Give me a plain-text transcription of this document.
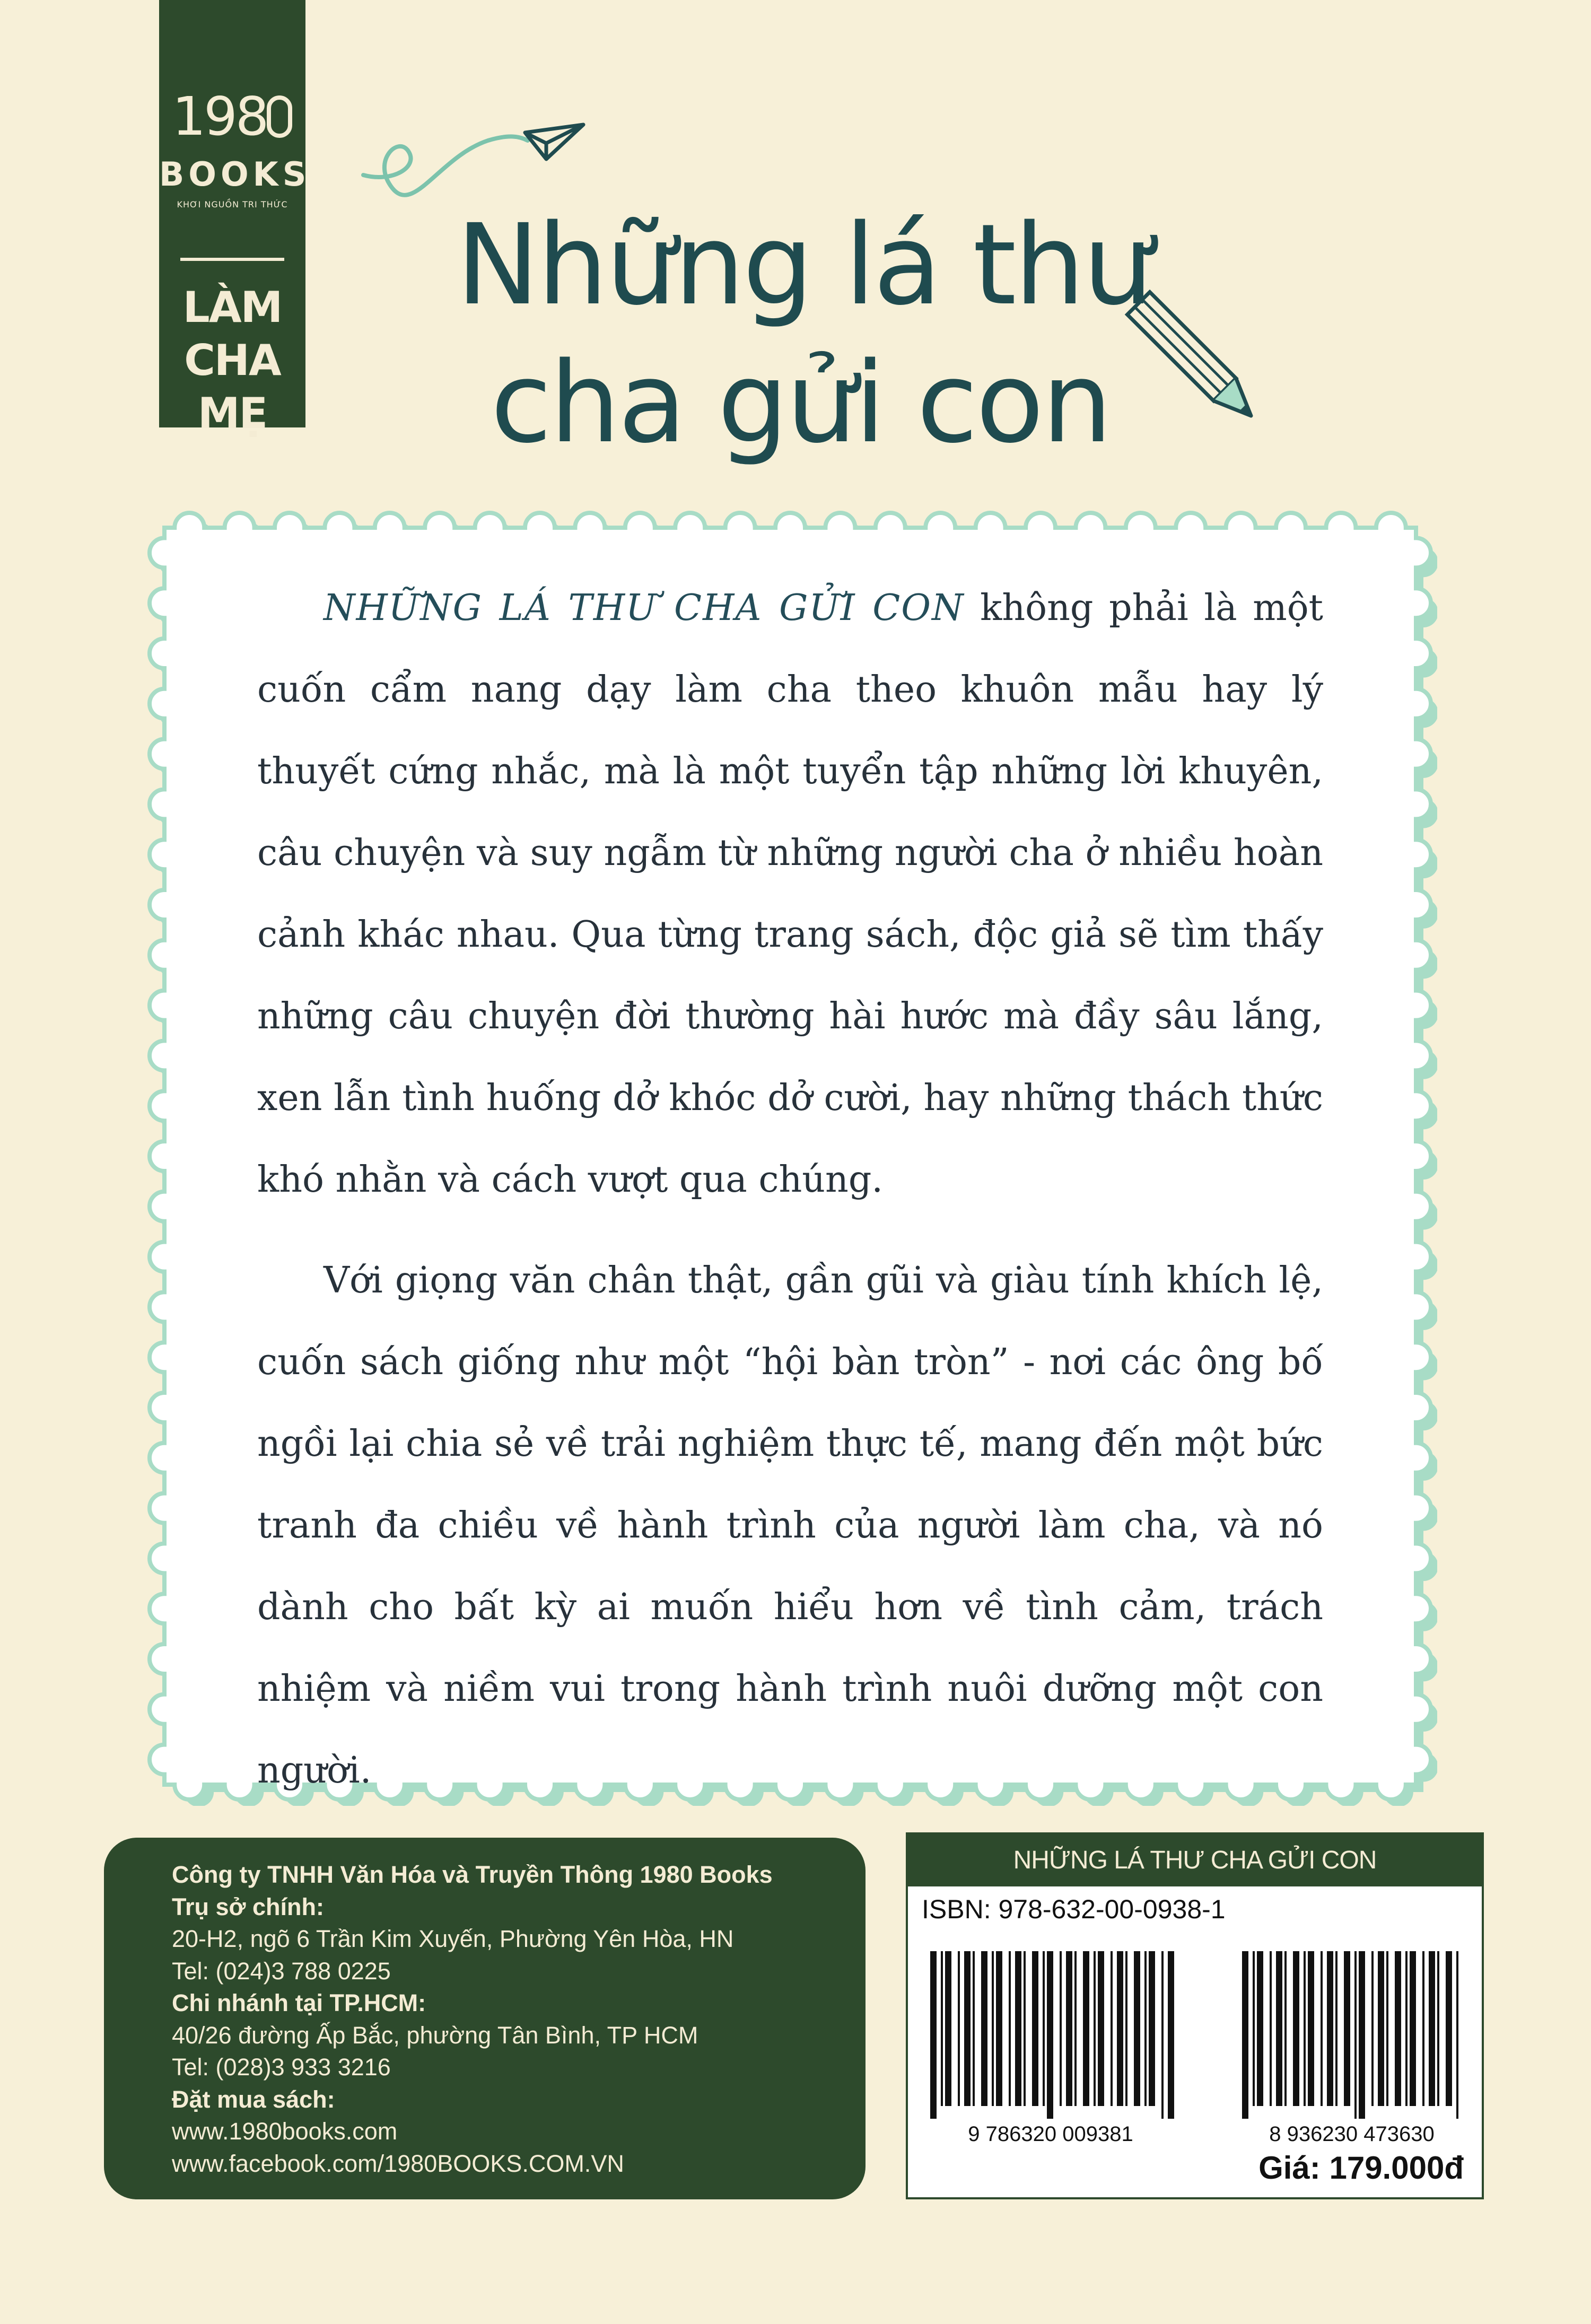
198
BOOKS
KHƠI NGUỒN TRI THỨC
LÀM
CHA MẸ
Những lá thư
cha gửi con

NHỮNG LÁ THƯ CHA GỬI CON không phải là một cuốn cẩm nang dạy làm cha theo khuôn mẫu hay lý thuyết cứng nhắc, mà là một tuyển tập những lời khuyên, câu chuyện và suy ngẫm từ những người cha ở nhiều hoàn cảnh khác nhau. Qua từng trang sách, độc giả sẽ tìm thấy những câu chuyện đời thường hài hước mà đầy sâu lắng, xen lẫn tình huống dở khóc dở cười, hay những thách thức khó nhằn và cách vượt qua chúng.

Với giọng văn chân thật, gần gũi và giàu tính khích lệ, cuốn sách giống như một “hội bàn tròn” - nơi các ông bố ngồi lại chia sẻ về trải nghiệm thực tế, mang đến một bức tranh đa chiều về hành trình của người làm cha, và nó dành cho bất kỳ ai muốn hiểu hơn về tình cảm, trách nhiệm và niềm vui trong hành trình nuôi dưỡng một con người.

Công ty TNHH Văn Hóa và Truyền Thông 1980 Books
Trụ sở chính:
20-H2, ngõ 6 Trần Kim Xuyến, Phường Yên Hòa, HN
Tel: (024)3 788 0225
Chi nhánh tại TP.HCM:
40/26 đường Ấp Bắc, phường Tân Bình, TP HCM
Tel: (028)3 933 3216
Đặt mua sách:
www.1980books.com
www.facebook.com/1980BOOKS.COM.VN
NHỮNG LÁ THƯ CHA GỬI CON
ISBN: 978-632-00-0938-1
9 786320 009381	8 936230 473630
Giá: 179.000đ
